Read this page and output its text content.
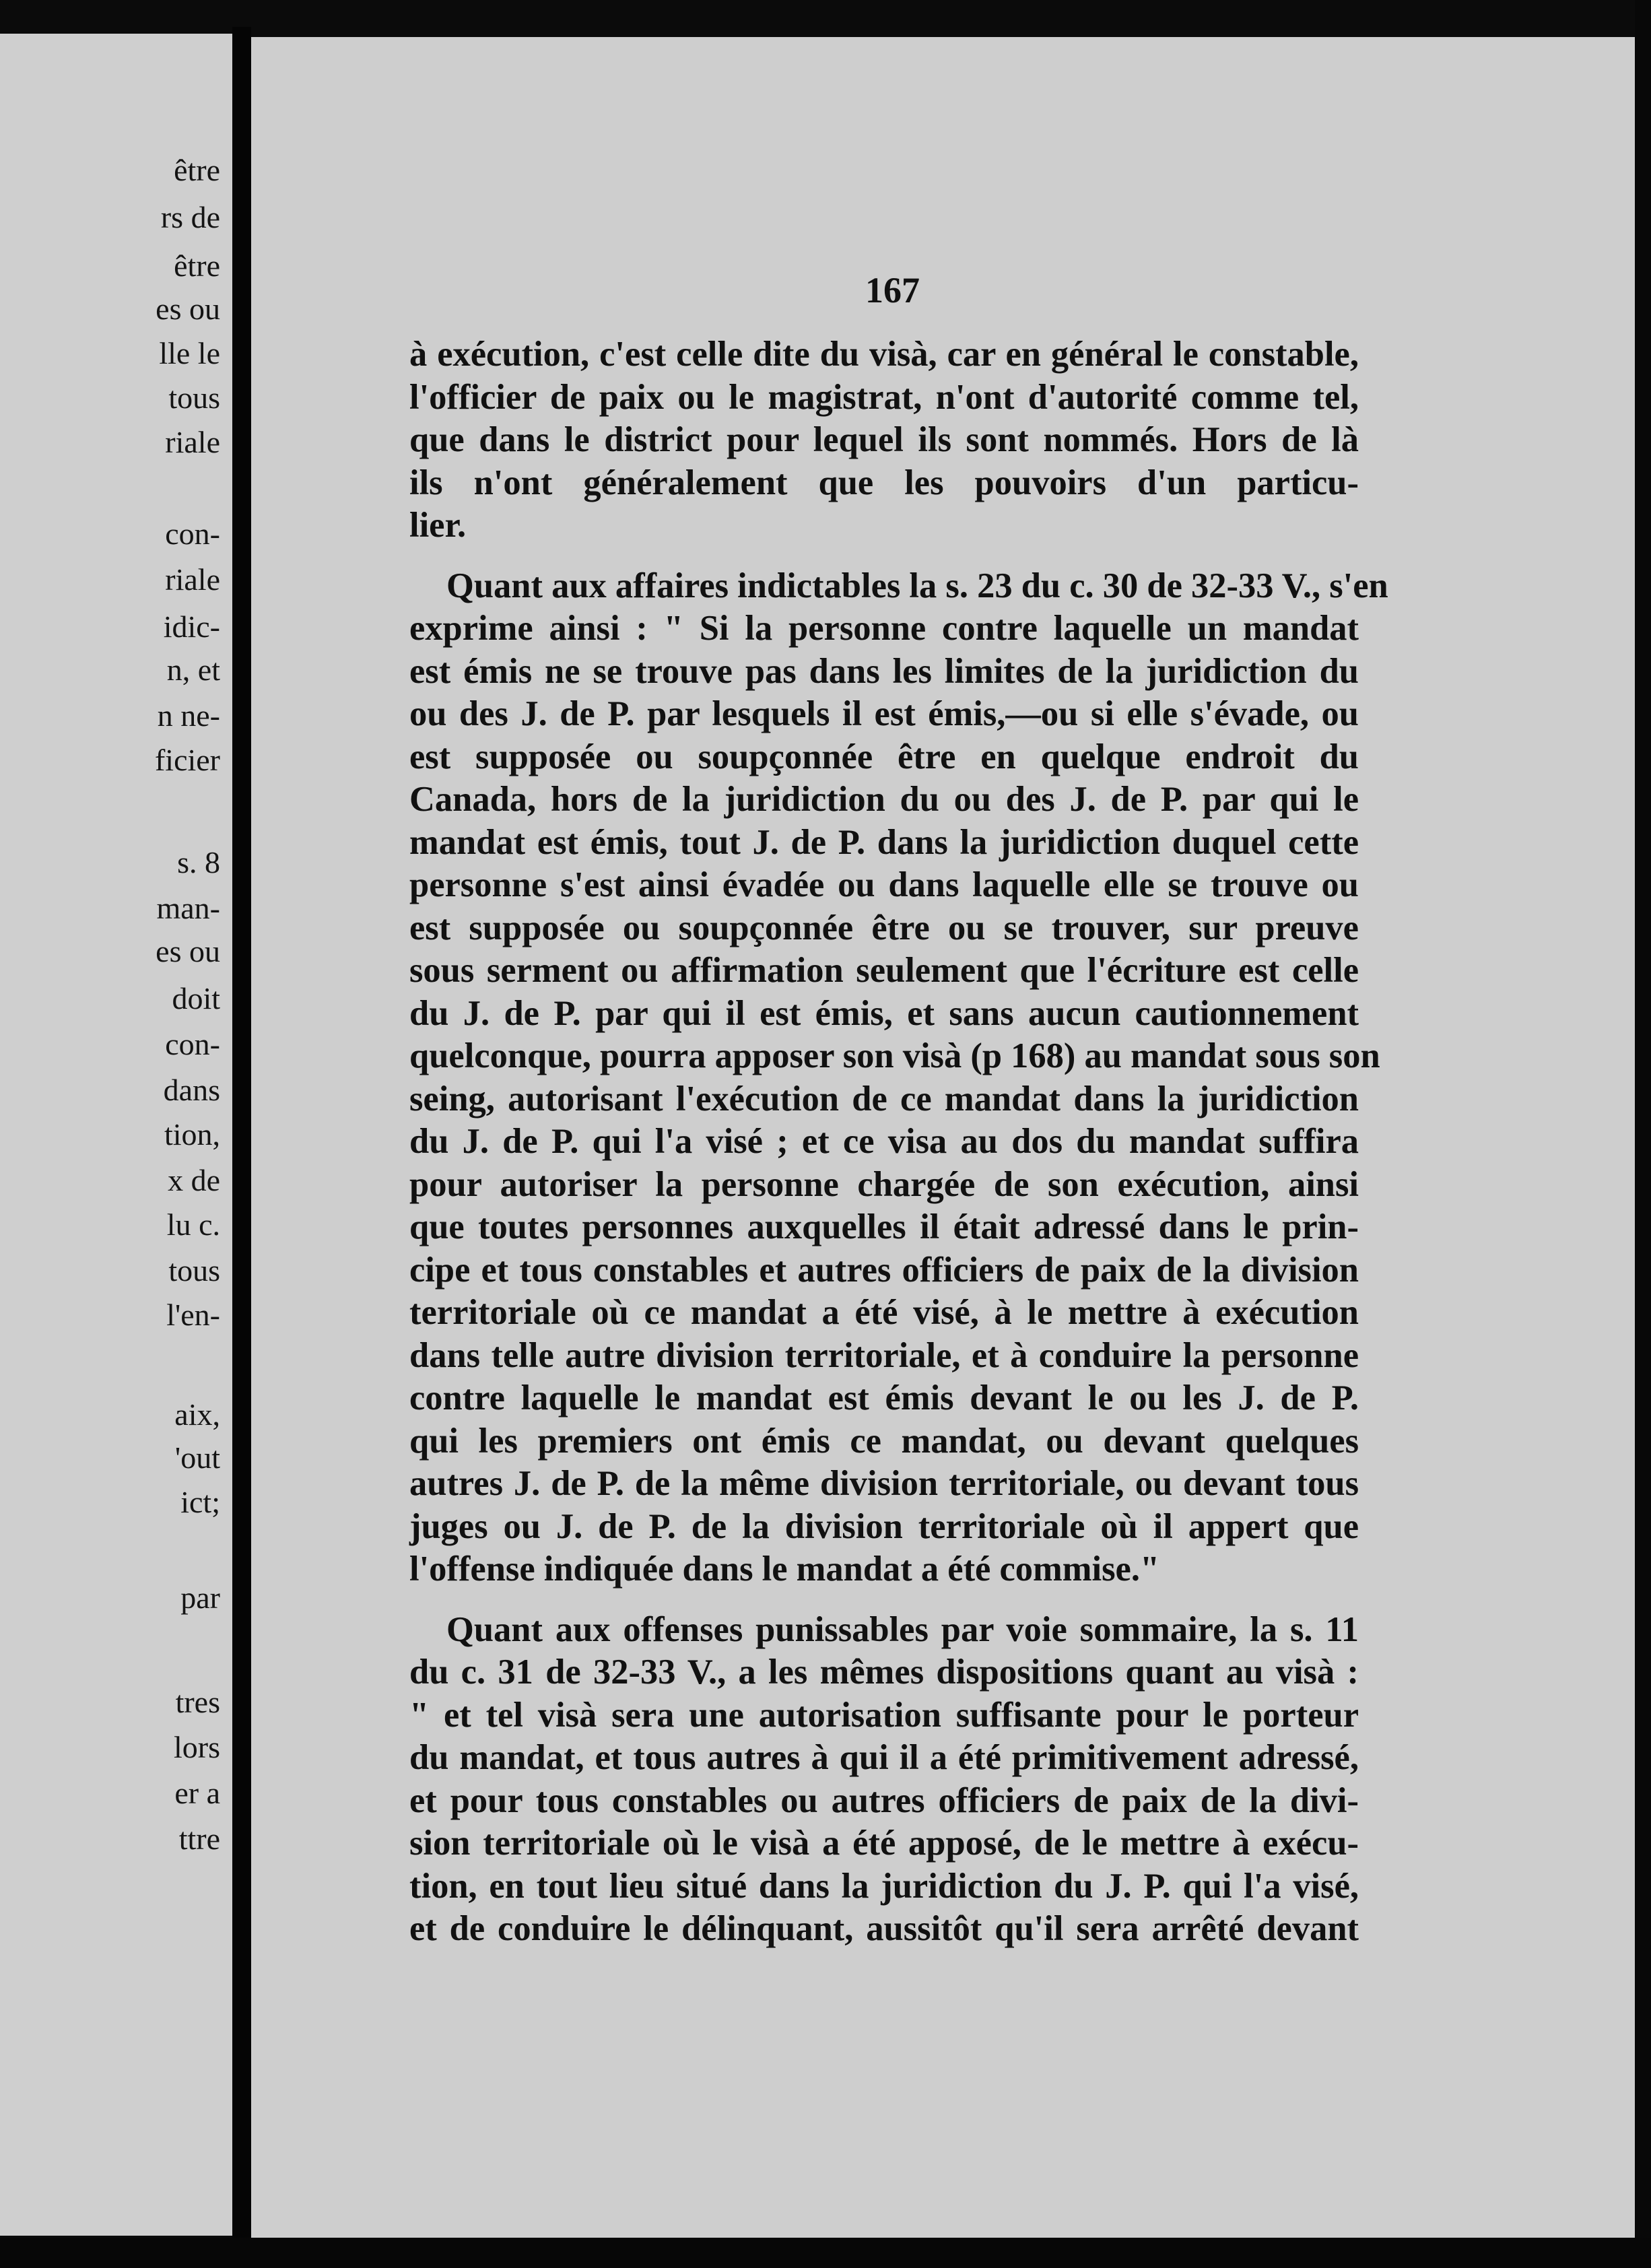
être
rs de
être
es ou
lle le
tous
riale
con-
riale
idic-
n, et
n ne-
ficier
s. 8
man-
es ou
doit
con-
dans
tion,
x de
lu c.
tous
l'en-
aix,
'out
ict;
par
tres
lors
er a
ttre
167
à exécution, c'est celle dite du visà, car en général le constable,
l'officier de paix ou le magistrat, n'ont d'autorité comme tel,
que dans le district pour lequel ils sont nommés. Hors de là
ils n'ont généralement que les pouvoirs d'un particu-
lier.
Quant aux affaires indictables la s. 23 du c. 30 de 32-33 V., s'en
exprime ainsi : " Si la personne contre laquelle un mandat
est émis ne se trouve pas dans les limites de la juridiction du
ou des J. de P. par lesquels il est émis,—ou si elle s'évade, ou
est supposée ou soupçonnée être en quelque endroit du
Canada, hors de la juridiction du ou des J. de P. par qui le
mandat est émis, tout J. de P. dans la juridiction duquel cette
personne s'est ainsi évadée ou dans laquelle elle se trouve ou
est supposée ou soupçonnée être ou se trouver, sur preuve
sous serment ou affirmation seulement que l'écriture est celle
du J. de P. par qui il est émis, et sans aucun cautionnement
quelconque, pourra apposer son visà (p 168) au mandat sous son
seing, autorisant l'exécution de ce mandat dans la juridiction
du J. de P. qui l'a visé ; et ce visa au dos du mandat suffira
pour autoriser la personne chargée de son exécution, ainsi
que toutes personnes auxquelles il était adressé dans le prin-
cipe et tous constables et autres officiers de paix de la division
territoriale où ce mandat a été visé, à le mettre à exécution
dans telle autre division territoriale, et à conduire la personne
contre laquelle le mandat est émis devant le ou les J. de P.
qui les premiers ont émis ce mandat, ou devant quelques
autres J. de P. de la même division territoriale, ou devant tous
juges ou J. de P. de la division territoriale où il appert que
l'offense indiquée dans le mandat a été commise."
Quant aux offenses punissables par voie sommaire, la s. 11
du c. 31 de 32-33 V., a les mêmes dispositions quant au visà :
" et tel visà sera une autorisation suffisante pour le porteur
du mandat, et tous autres à qui il a été primitivement adressé,
et pour tous constables ou autres officiers de paix de la divi-
sion territoriale où le visà a été apposé, de le mettre à exécu-
tion, en tout lieu situé dans la juridiction du J. P. qui l'a visé,
et de conduire le délinquant, aussitôt qu'il sera arrêté devant
